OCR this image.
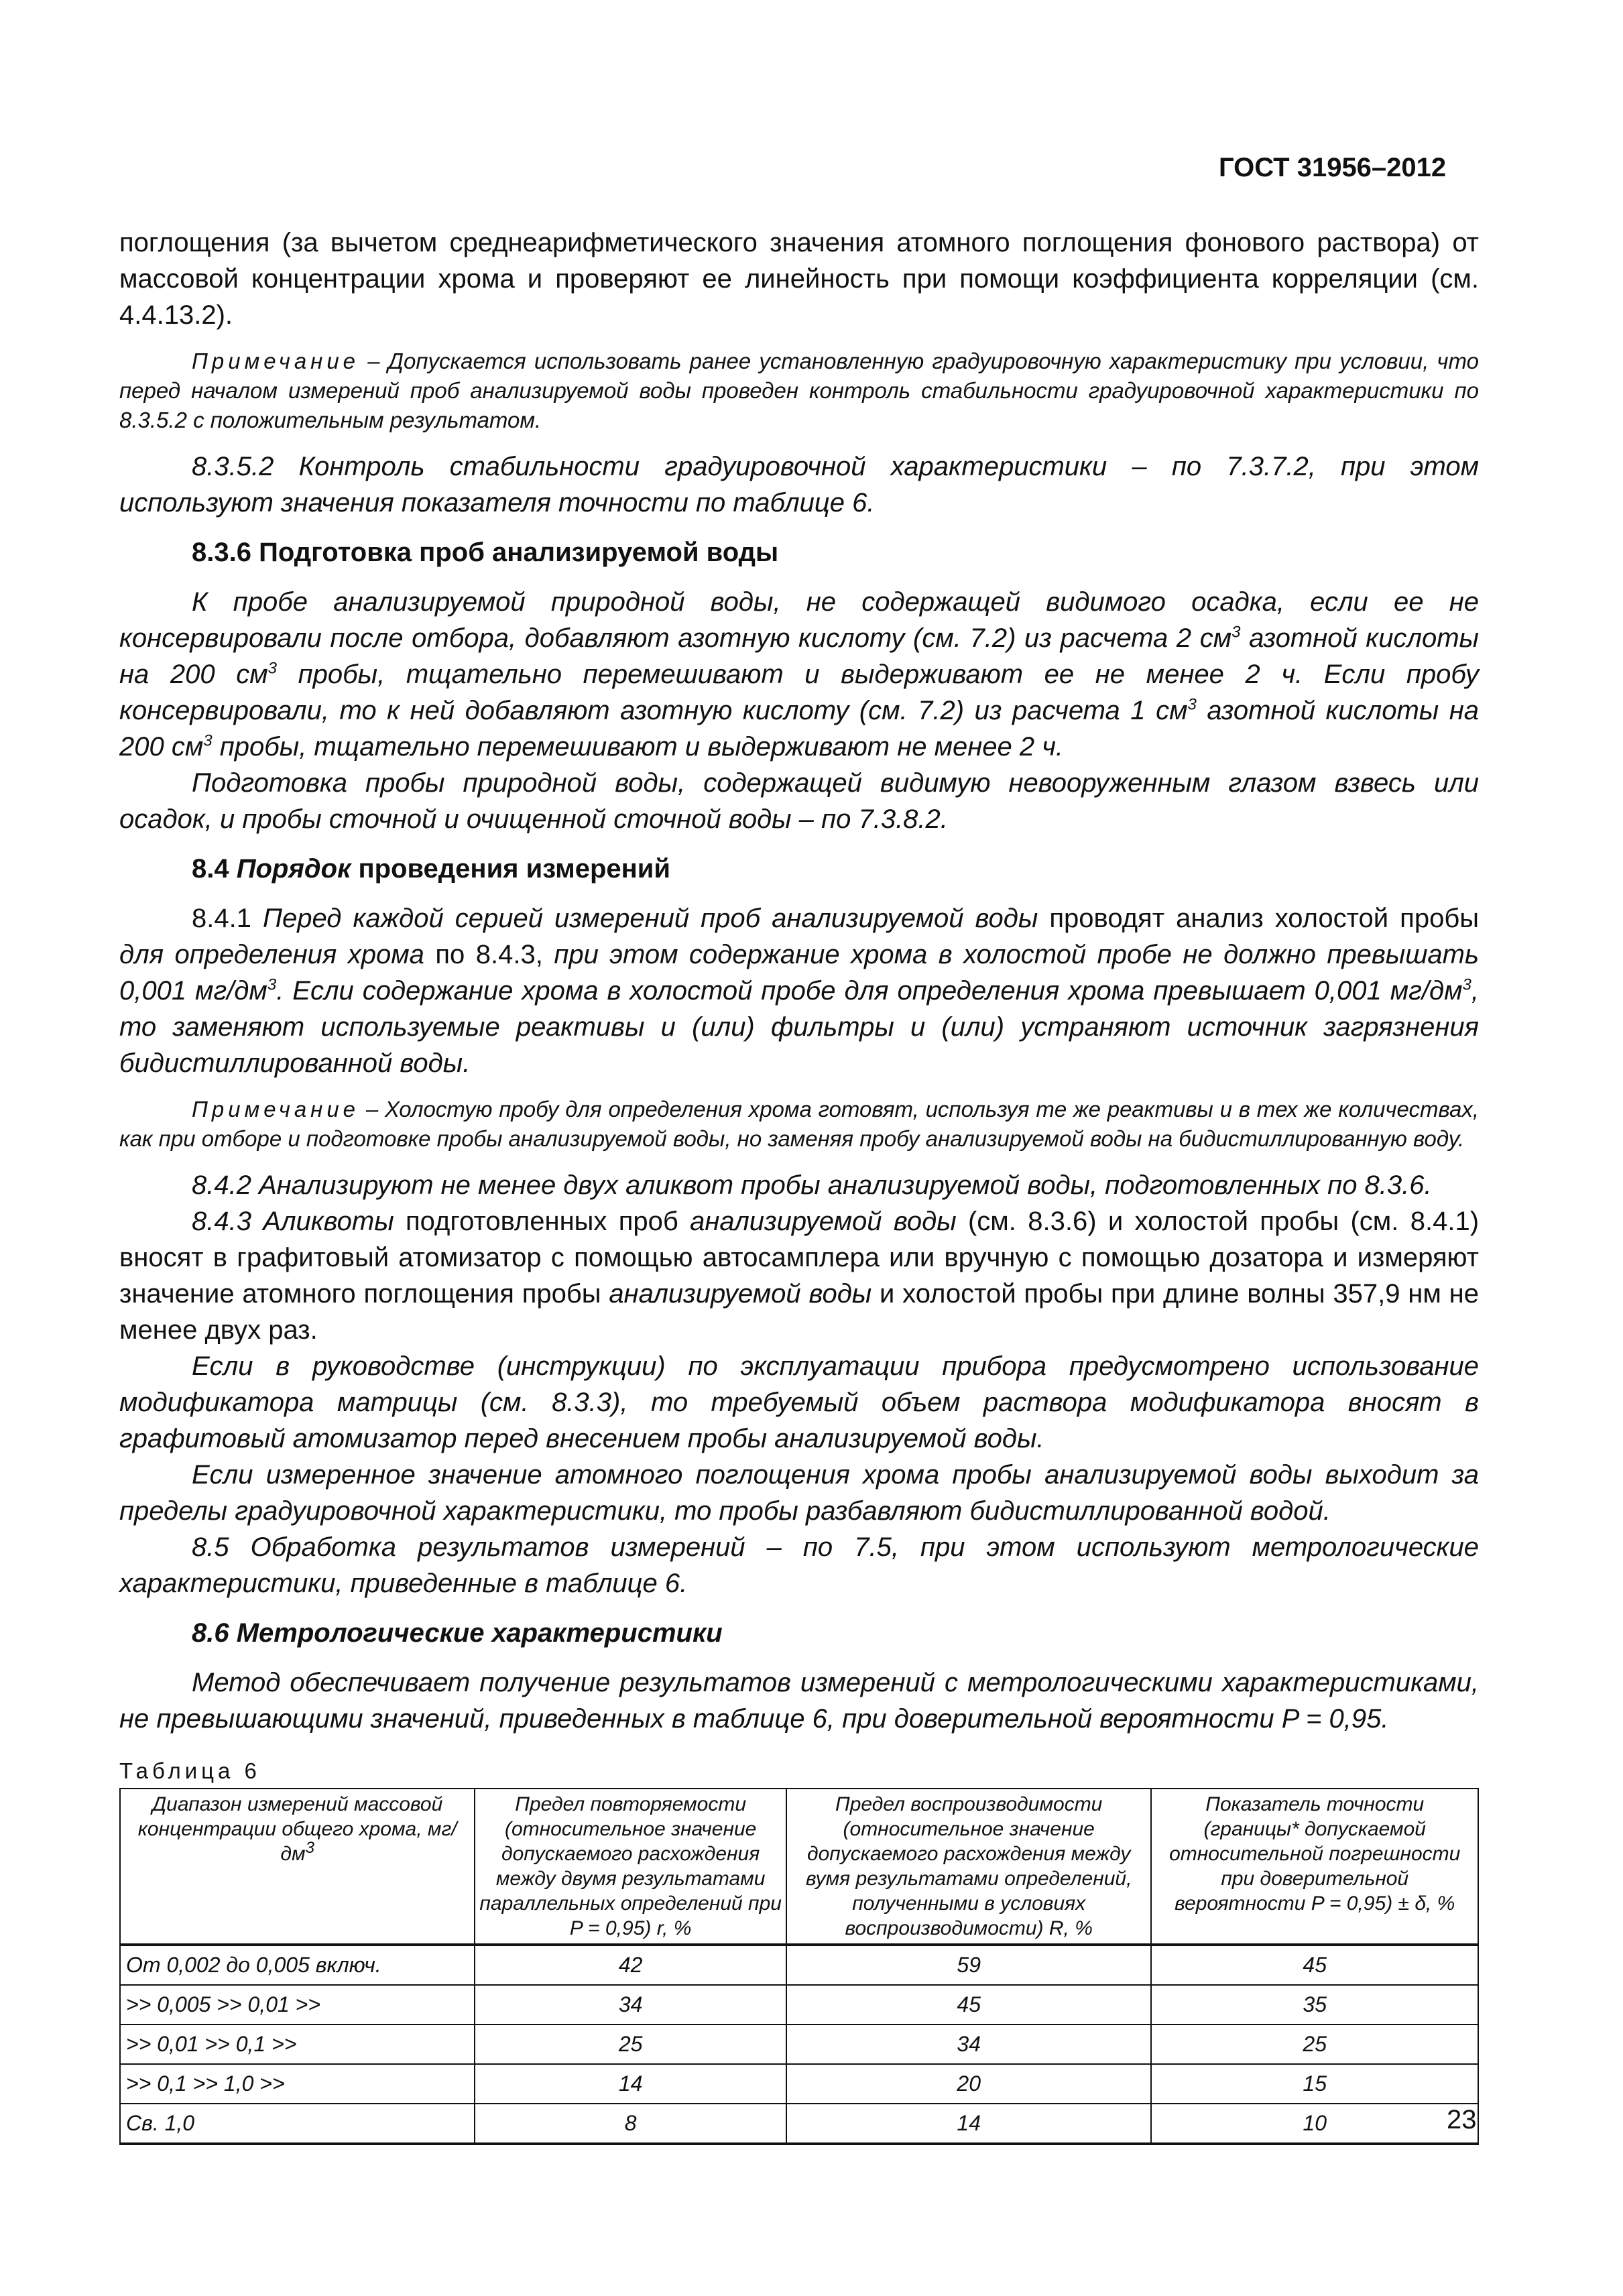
ГОСТ 31956–2012

поглощения (за вычетом среднеарифметического значения атомного поглощения фонового раствора) от массовой концентрации хрома и проверяют ее линейность при помощи коэффициента корреляции (см. 4.4.13.2).

Примечание – Допускается использовать ранее установленную градуировочную характеристику при условии, что перед началом измерений проб анализируемой воды проведен контроль стабильности градуировочной характеристики по 8.3.5.2 с положительным результатом.

8.3.5.2 Контроль стабильности градуировочной характеристики – по 7.3.7.2, при этом используют значения показателя точности по таблице 6.

8.3.6 Подготовка проб анализируемой воды

К пробе анализируемой природной воды, не содержащей видимого осадка, если ее не консервировали после отбора, добавляют азотную кислоту (см. 7.2) из расчета 2 $см^3$ азотной кислоты на 200 $см^3$ пробы, тщательно перемешивают и выдерживают ее не менее 2 ч. Если пробу консервировали, то к ней добавляют азотную кислоту (см. 7.2) из расчета 1 $см^3$ азотной кислоты на 200 $см^3$ пробы, тщательно перемешивают и выдерживают не менее 2 ч.

Подготовка пробы природной воды, содержащей видимую невооруженным глазом взвесь или осадок, и пробы сточной и очищенной сточной воды – по 7.3.8.2.

8.4 Порядок проведения измерений

8.4.1 Перед каждой серией измерений проб анализируемой воды проводят анализ холостой пробы для определения хрома по 8.4.3, при этом содержание хрома в холостой пробе не должно превышать 0,001 $мг/дм^3$. Если содержание хрома в холостой пробе для определения хрома превышает 0,001 $мг/дм^3$, то заменяют используемые реактивы и (или) фильтры и (или) устраняют источник загрязнения бидистиллированной воды.

Примечание – Холостую пробу для определения хрома готовят, используя те же реактивы и в тех же количествах, как при отборе и подготовке пробы анализируемой воды, но заменяя пробу анализируемой воды на бидистиллированную воду.

8.4.2 Анализируют не менее двух аликвот пробы анализируемой воды, подготовленных по 8.3.6.

8.4.3 Аликвоты подготовленных проб анализируемой воды (см. 8.3.6) и холостой пробы (см. 8.4.1) вносят в графитовый атомизатор с помощью автосамплера или вручную с помощью дозатора и измеряют значение атомного поглощения пробы анализируемой воды и холостой пробы при длине волны 357,9 нм не менее двух раз.

Если в руководстве (инструкции) по эксплуатации прибора предусмотрено использование модификатора матрицы (см. 8.3.3), то требуемый объем раствора модификатора вносят в графитовый атомизатор перед внесением пробы анализируемой воды.

Если измеренное значение атомного поглощения хрома пробы анализируемой воды выходит за пределы градуировочной характеристики, то пробы разбавляют бидистиллированной водой.

8.5 Обработка результатов измерений – по 7.5, при этом используют метрологические характеристики, приведенные в таблице 6.

8.6 Метрологические характеристики

Метод обеспечивает получение результатов измерений с метрологическими характеристиками, не превышающими значений, приведенных в таблице 6, при доверительной вероятности P = 0,95.

Таблица 6
Диапазон измерений массовой концентрации общего хрома, $мг/дм^3$	Предел повторяемости (относительное значение допускаемого расхождения между двумя результатами параллельных определений при P = 0,95) r, %	Предел воспроизводимости (относительное значение допускаемого расхождения между вумя результатами определений, полученными в условиях воспроизводимости) R, %	Показатель точности (границы* допускаемой относительной погрешности при доверительной вероятности P = 0,95) ± δ, %
От 0,002 до 0,005 включ.	42	59	45
>> 0,005 >> 0,01 >>	34	45	35
>> 0,01 >> 0,1 >>	25	34	25
>> 0,1 >> 1,0 >>	14	20	15
Св. 1,0	8	14	10	23
